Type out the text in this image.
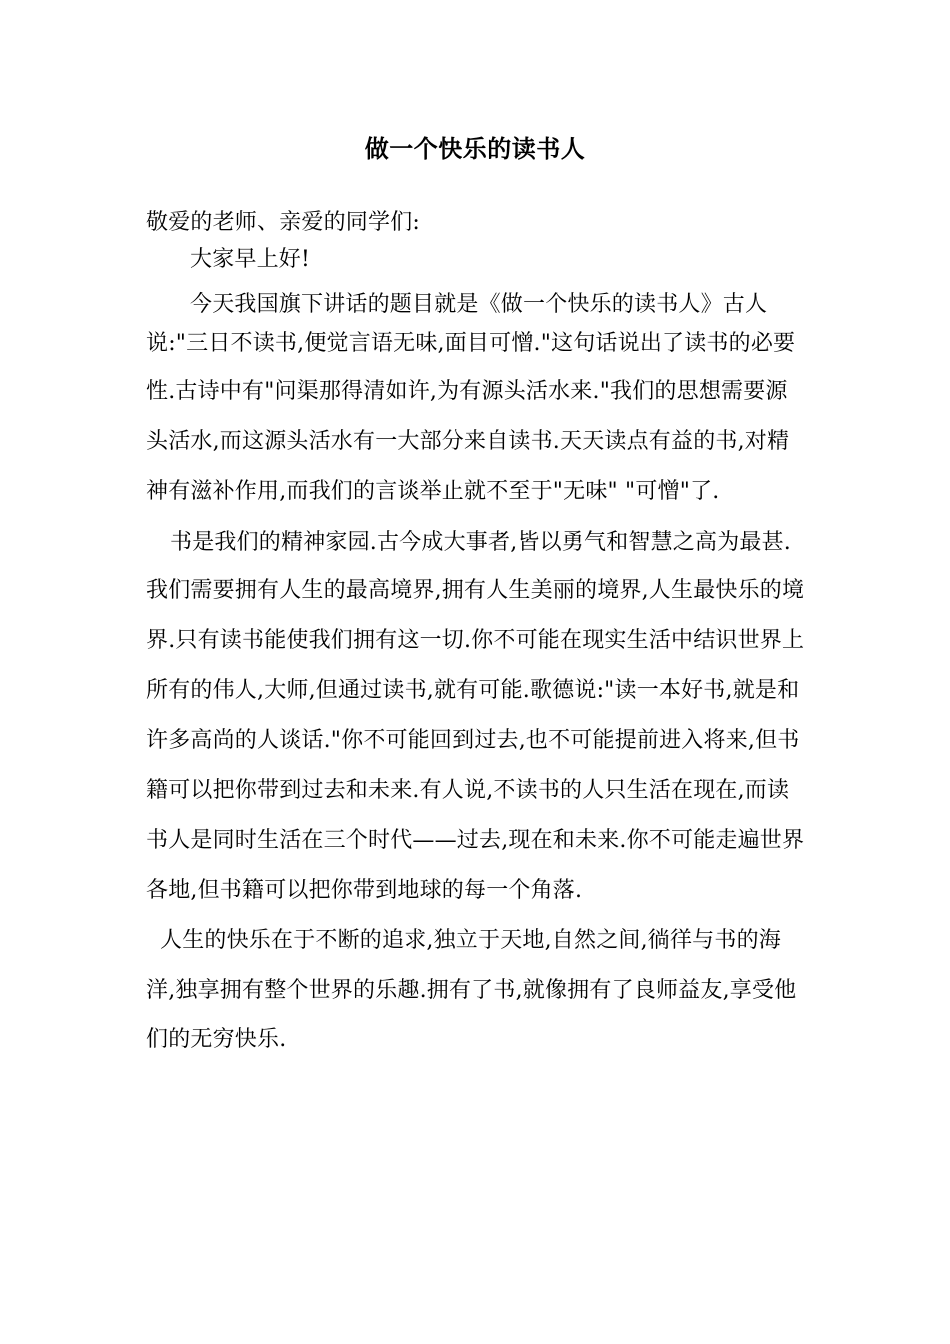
做一个快乐的读书人
敬爱的老师、亲爱的同学们:
大家早上好!
今天我国旗下讲话的题目就是《做一个快乐的读书人》古人
说:"三日不读书,便觉言语无味,面目可憎."这句话说出了读书的必要
性.古诗中有"问渠那得清如许,为有源头活水来."我们的思想需要源
头活水,而这源头活水有一大部分来自读书.天天读点有益的书,对精
神有滋补作用,而我们的言谈举止就不至于"无味" "可憎"了.
书是我们的精神家园.古今成大事者,皆以勇气和智慧之高为最甚.
我们需要拥有人生的最高境界,拥有人生美丽的境界,人生最快乐的境
界.只有读书能使我们拥有这一切.你不可能在现实生活中结识世界上
所有的伟人,大师,但通过读书,就有可能.歌德说:"读一本好书,就是和
许多高尚的人谈话."你不可能回到过去,也不可能提前进入将来,但书
籍可以把你带到过去和未来.有人说,不读书的人只生活在现在,而读
书人是同时生活在三个时代——过去,现在和未来.你不可能走遍世界
各地,但书籍可以把你带到地球的每一个角落.
人生的快乐在于不断的追求,独立于天地,自然之间,徜徉与书的海
洋,独享拥有整个世界的乐趣.拥有了书,就像拥有了良师益友,享受他
们的无穷快乐.
